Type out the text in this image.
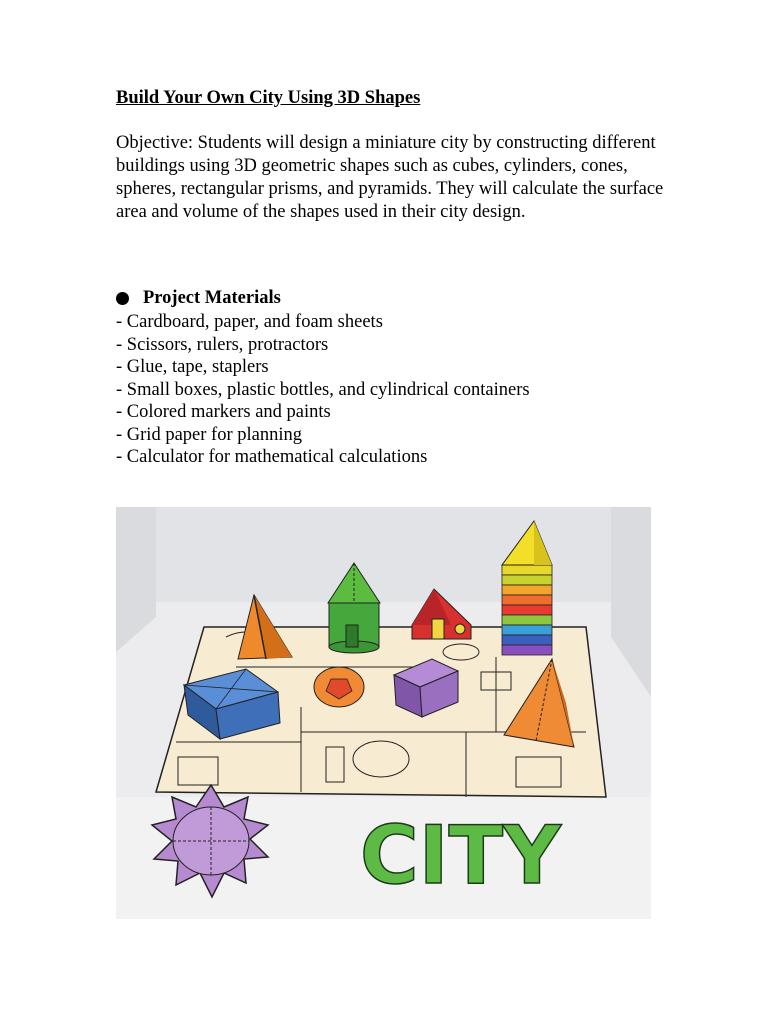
Build Your Own City Using 3D Shapes
Objective: Students will design a miniature city by constructing different buildings using 3D geometric shapes such as cubes, cylinders, cones, spheres, rectangular prisms, and pyramids. They will calculate the surface area and volume of the shapes used in their city design.
Project Materials
- Cardboard, paper, and foam sheets
- Scissors, rulers, protractors
- Glue, tape, staplers
- Small boxes, plastic bottles, and cylindrical containers
- Colored markers and paints
- Grid paper for planning
- Calculator for mathematical calculations
CITY
